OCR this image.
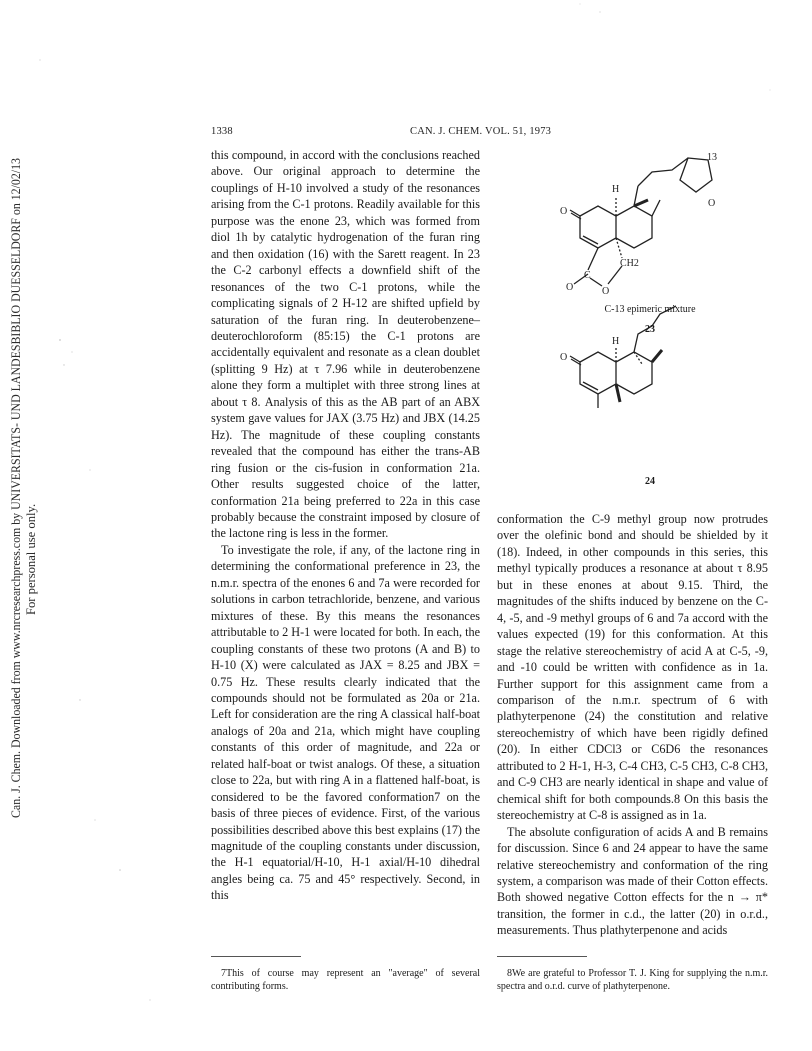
Can. J. Chem. Downloaded from www.nrcresearchpress.com by UNIVERSITATS- UND LANDESBIBLIO DUESSELDORF on 12/02/13 For personal use only.
1338	CAN. J. CHEM. VOL. 51, 1973

this compound, in accord with the conclusions reached above. Our original approach to determine the couplings of H-10 involved a study of the resonances arising from the C-1 protons. Readily available for this purpose was the enone 23, which was formed from diol 1h by catalytic hydrogenation of the furan ring and then oxidation (16) with the Sarett reagent. In 23 the C-2 carbonyl effects a downfield shift of the resonances of the two C-1 protons, while the complicating signals of 2 H-12 are shifted upfield by saturation of the furan ring. In deuterobenzene–deuterochloroform (85:15) the C-1 protons are accidentally equivalent and resonate as a clean doublet (splitting 9 Hz) at τ 7.96 while in deuterobenzene alone they form a multiplet with three strong lines at about τ 8. Analysis of this as the AB part of an ABX system gave values for JAX (3.75 Hz) and JBX (14.25 Hz). The magnitude of these coupling constants revealed that the compound has either the trans-AB ring fusion or the cis-fusion in conformation 21a. Other results suggested choice of the latter, conformation 21a being preferred to 22a in this case probably because the constraint imposed by closure of the lactone ring is less in the former.

To investigate the role, if any, of the lactone ring in determining the conformational preference in 23, the n.m.r. spectra of the enones 6 and 7a were recorded for solutions in carbon tetrachloride, benzene, and various mixtures of these. By this means the resonances attributable to 2 H-1 were located for both. In each, the coupling constants of these two protons (A and B) to H-10 (X) were calculated as JAX = 8.25 and JBX = 0.75 Hz. These results clearly indicated that the compounds should not be formulated as 20a or 21a. Left for consideration are the ring A classical half-boat analogs of 20a and 21a, which might have coupling constants of this order of magnitude, and 22a or related half-boat or twist analogs. Of these, a situation close to 22a, but with ring A in a flattened half-boat, is considered to be the favored conformation7 on the basis of three pieces of evidence. First, of the various possibilities described above this best explains (17) the magnitude of the coupling constants under discussion, the H-1 equatorial/H-10, H-1 axial/H-10 dihedral angles being ca. 75 and 45° respectively. Second, in this

13
H
O
O
C
CH2
O	O
H
O
C-13 epimeric mixture
23
24

conformation the C-9 methyl group now protrudes over the olefinic bond and should be shielded by it (18). Indeed, in other compounds in this series, this methyl typically produces a resonance at about τ 8.95 but in these enones at about 9.15. Third, the magnitudes of the shifts induced by benzene on the C-4, -5, and -9 methyl groups of 6 and 7a accord with the values expected (19) for this conformation. At this stage the relative stereochemistry of acid A at C-5, -9, and -10 could be written with confidence as in 1a. Further support for this assignment came from a comparison of the n.m.r. spectrum of 6 with plathyterpenone (24) the constitution and relative stereochemistry of which have been rigidly defined (20). In either CDCl3 or C6D6 the resonances attributed to 2 H-1, H-3, C-4 CH3, C-5 CH3, C-8 CH3, and C-9 CH3 are nearly identical in shape and value of chemical shift for both compounds.8 On this basis the stereochemistry at C-8 is assigned as in 1a.

The absolute configuration of acids A and B remains for discussion. Since 6 and 24 appear to have the same relative stereochemistry and conformation of the ring system, a comparison was made of their Cotton effects. Both showed negative Cotton effects for the n → π* transition, the former in c.d., the latter (20) in o.r.d., measurements. Thus plathyterpenone and acids

7This of course may represent an "average" of several contributing forms.

8We are grateful to Professor T. J. King for supplying the n.m.r. spectra and o.r.d. curve of plathyterpenone.
